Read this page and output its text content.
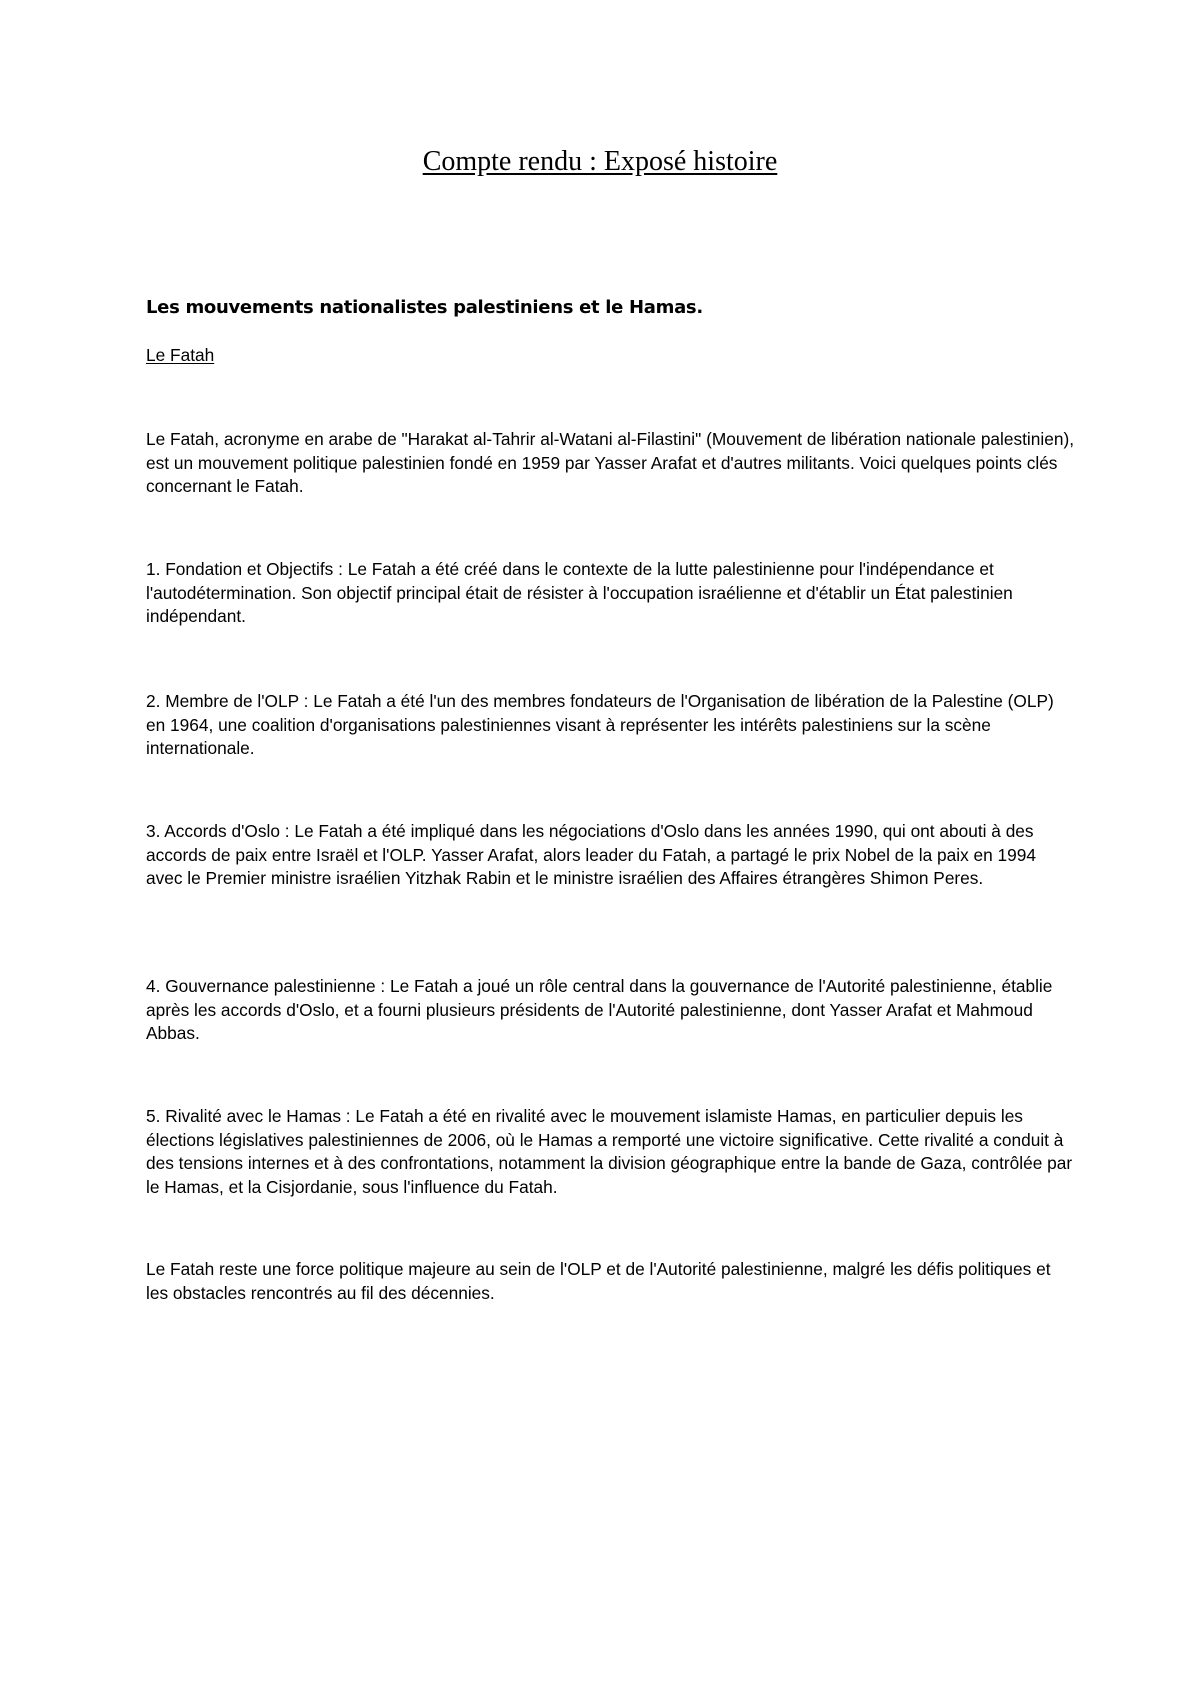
Compte rendu : Exposé histoire
Les mouvements nationalistes palestiniens et le Hamas.
Le Fatah

Le Fatah, acronyme en arabe de "Harakat al-Tahrir al-Watani al-Filastini" (Mouvement de libération nationale palestinien), est un mouvement politique palestinien fondé en 1959 par Yasser Arafat et d'autres militants. Voici quelques points clés concernant le Fatah.

1. Fondation et Objectifs : Le Fatah a été créé dans le contexte de la lutte palestinienne pour l'indépendance et l'autodétermination. Son objectif principal était de résister à l'occupation israélienne et d'établir un État palestinien indépendant.

2. Membre de l'OLP : Le Fatah a été l'un des membres fondateurs de l'Organisation de libération de la Palestine (OLP) en 1964, une coalition d'organisations palestiniennes visant à représenter les intérêts palestiniens sur la scène internationale.

3. Accords d'Oslo : Le Fatah a été impliqué dans les négociations d'Oslo dans les années 1990, qui ont abouti à des accords de paix entre Israël et l'OLP. Yasser Arafat, alors leader du Fatah, a partagé le prix Nobel de la paix en 1994 avec le Premier ministre israélien Yitzhak Rabin et le ministre israélien des Affaires étrangères Shimon Peres.

4. Gouvernance palestinienne : Le Fatah a joué un rôle central dans la gouvernance de l'Autorité palestinienne, établie après les accords d'Oslo, et a fourni plusieurs présidents de l'Autorité palestinienne, dont Yasser Arafat et Mahmoud Abbas.

5. Rivalité avec le Hamas : Le Fatah a été en rivalité avec le mouvement islamiste Hamas, en particulier depuis les élections législatives palestiniennes de 2006, où le Hamas a remporté une victoire significative. Cette rivalité a conduit à des tensions internes et à des confrontations, notamment la division géographique entre la bande de Gaza, contrôlée par le Hamas, et la Cisjordanie, sous l'influence du Fatah.

Le Fatah reste une force politique majeure au sein de l'OLP et de l'Autorité palestinienne, malgré les défis politiques et les obstacles rencontrés au fil des décennies.
